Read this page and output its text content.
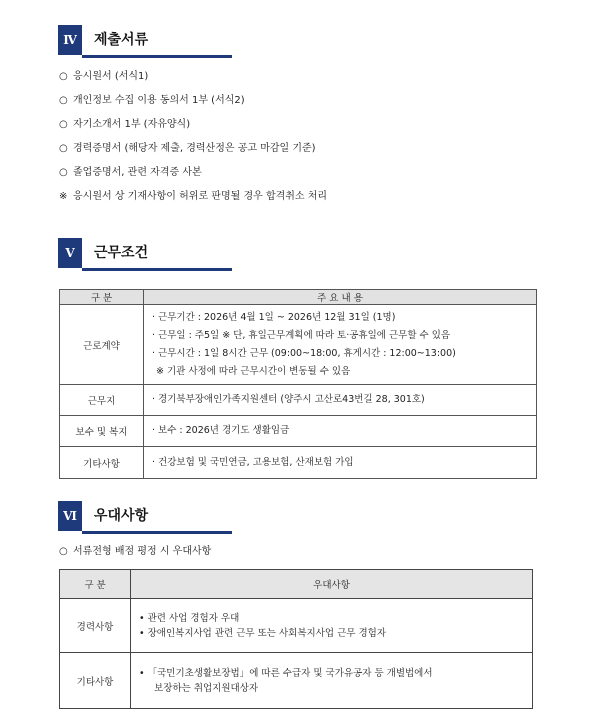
Ⅳ	제출서류
○ 응시원서 (서식1)
○ 개인정보 수집 이용 동의서 1부 (서식2)
○ 자기소개서 1부 (자유양식)
○ 경력증명서 (해당자 제출, 경력산정은 공고 마감일 기준)
○ 졸업증명서, 관련 자격증 사본
※ 응시원서 상 기재사항이 허위로 판명될 경우 합격취소 처리
Ⅴ	근무조건
구 분	주 요 내 용
근로계약	· 근무기간 : 2026년 4월 1일 ~ 2026년 12월 31일 (1명)
· 근무일 : 주5일 ※ 단, 휴일근무계획에 따라 토·공휴일에 근무할 수 있음
· 근무시간 : 1일 8시간 근무 (09:00~18:00, 휴게시간 : 12:00~13:00)
※ 기관 사정에 따라 근무시간이 변동될 수 있음

근무지	· 경기북부장애인가족지원센터 (양주시 고산로43번길 28, 301호)

보수 및 복지	· 보수 : 2026년 경기도 생활임금

기타사항	· 건강보험 및 국민연금, 고용보험, 산재보험 가입
Ⅵ	우대사항
○ 서류전형 배점 평정 시 우대사항
구 분	우대사항
경력사항	• 관련 사업 경험자 우대
• 장애인복지사업 관련 근무 또는 사회복지사업 근무 경험자

기타사항	• 「국민기초생활보장법」에 따른 수급자 및 국가유공자 등 개별법에서
보장하는 취업지원대상자
